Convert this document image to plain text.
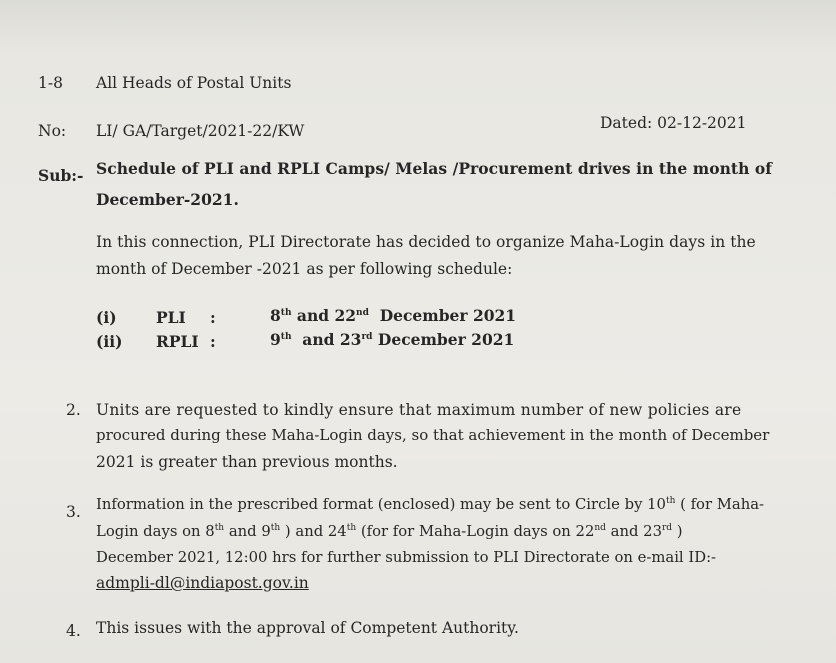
1-8 All Heads of Postal Units
No: LI/ GA/Target/2021-22/KW	Dated: 02-12-2021
Sub:- Schedule of PLI and RPLI Camps/ Melas /Procurement drives in the month of
December-2021.
In this connection, PLI Directorate has decided to organize Maha-Login days in the
month of December -2021 as per following schedule:
(i)	PLI :	8th and 22nd December 2021
(ii) RPLI :	9th and 23rd December 2021
2. Units are requested to kindly ensure that maximum number of new policies are
procured during these Maha-Login days, so that achievement in the month of December
2021 is greater than previous months.
3. Information in the prescribed format (enclosed) may be sent to Circle by 10th ( for Maha-
Login days on 8th and 9th ) and 24th (for for Maha-Login days on 22nd and 23rd )
December 2021, 12:00 hrs for further submission to PLI Directorate on e-mail ID:-
admpli-dl@indiapost.gov.in
4. This issues with the approval of Competent Authority.
